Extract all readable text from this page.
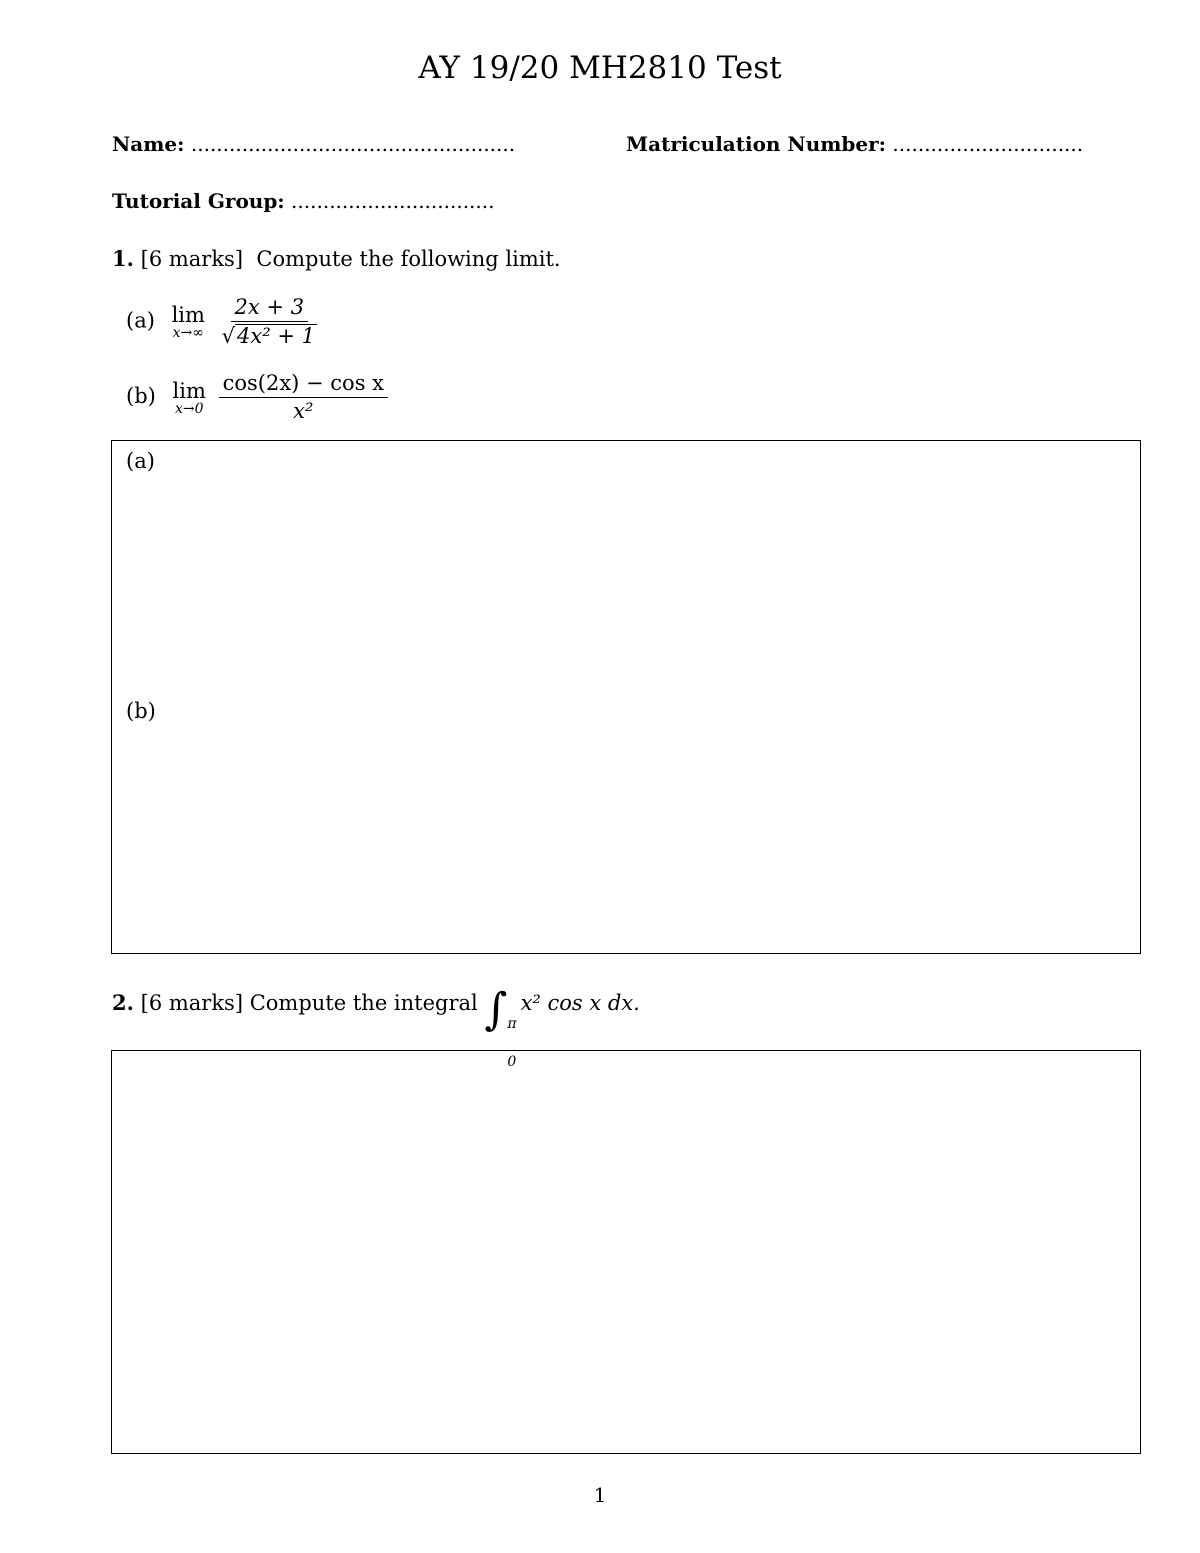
AY 19/20 MH2810 Test
Name: ...................................................	Matriculation Number: ..............................
Tutorial Group: ................................
1. [6 marks] Compute the following limit.
(a) lim
x→∞
$\frac{2x + 3}{\text{√4x² + 1}}$
(b) lim
x→0
$\frac{\text{cos(2x) − cos x}}{\text{x²}}$
(a)
(b)
2. [6 marks] Compute the integral ∫ π
0
x² cos x dx.
1
